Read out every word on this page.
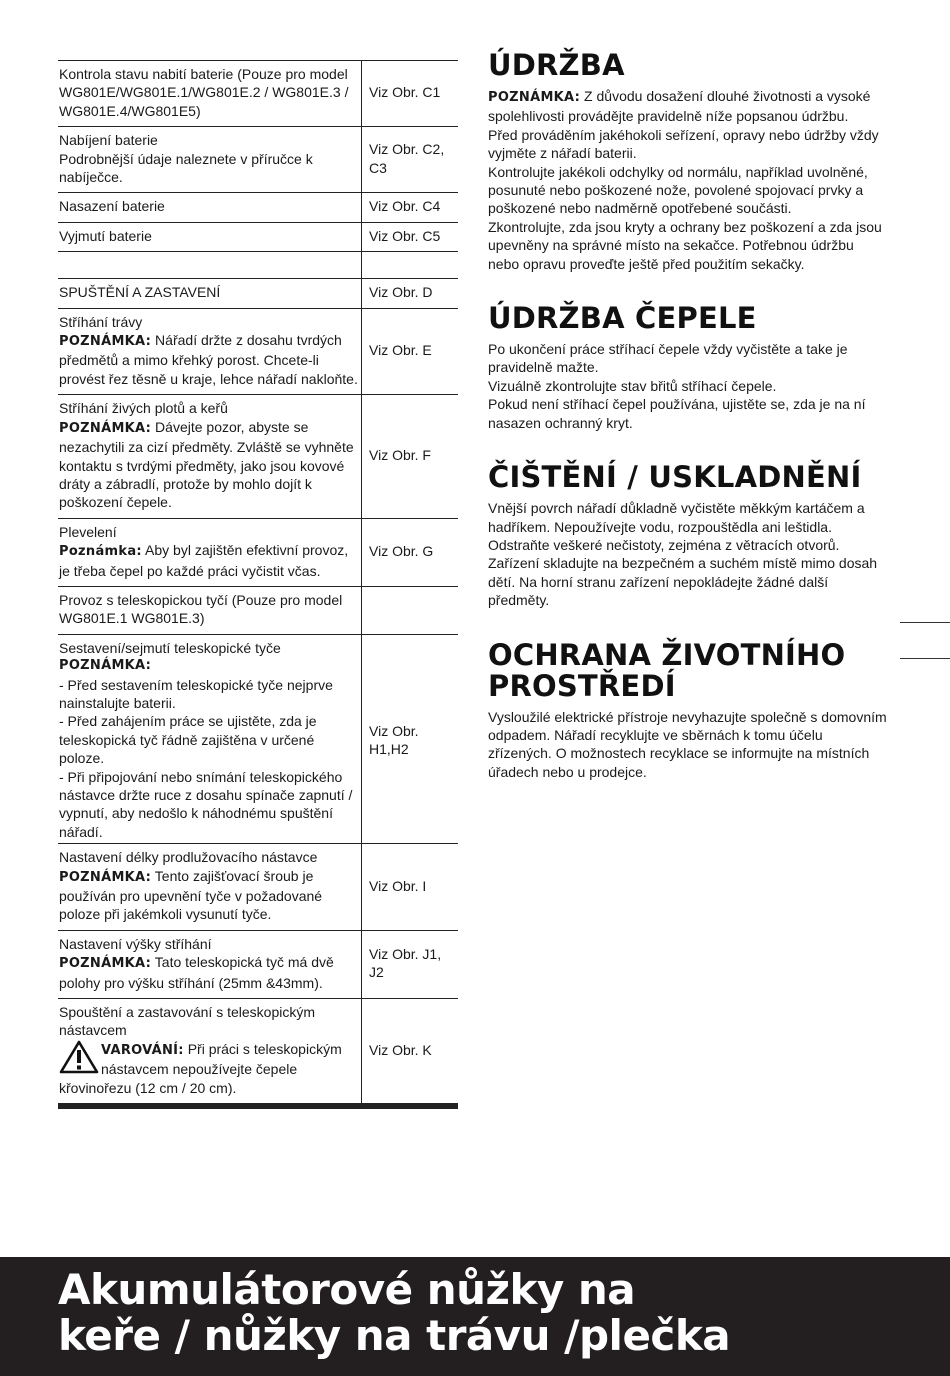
Kontrola stavu nabití baterie (Pouze pro model WG801E/WG801E.1/WG801E.2 / WG801E.3 / WG801E.4/WG801E5)	Viz Obr. C1

Nabíjení baterie
Podrobnější údaje naleznete v příručce k nabíječce.	Viz Obr. C2, C3
Nasazení baterie	Viz Obr. C4
Vyjmutí baterie	Viz Obr. C5

SPUŠTĚNÍ A ZASTAVENÍ	Viz Obr. D

Stříhání trávy
POZNÁMKA: Nářadí držte z dosahu tvrdých předmětů a mimo křehký porost. Chcete-li provést řez těsně u kraje, lehce nářadí nakloňte.	Viz Obr. E

Stříhání živých plotů a keřů
POZNÁMKA: Dávejte pozor, abyste se nezachytili za cizí předměty. Zvláště se vyhněte kontaktu s tvrdými předměty, jako jsou kovové dráty a zábradlí, protože by mohlo dojít k poškození čepele.	Viz Obr. F

Plevelení
Poznámka: Aby byl zajištěn efektivní provoz, je třeba čepel po každé práci vyčistit včas.	Viz Obr. G
Provoz s teleskopickou tyčí (Pouze pro model WG801E.1 WG801E.3)	

Sestavení/sejmutí teleskopické tyče
POZNÁMKA:
- Před sestavením teleskopické tyče nejprve nainstalujte baterii.
- Před zahájením práce se ujistěte, zda je teleskopická tyč řádně zajištěna v určené poloze.
- Při připojování nebo snímání teleskopického nástavce držte ruce z dosahu spínače zapnutí / vypnutí, aby nedošlo k náhodnému spuštění nářadí.	Viz Obr. H1,H2

Nastavení délky prodlužovacího nástavce
POZNÁMKA: Tento zajišťovací šroub je používán pro upevnění tyče v požadované poloze při jakémkoli vysunutí tyče.	Viz Obr. I

Nastavení výšky stříhání
POZNÁMKA: Tato teleskopická tyč má dvě polohy pro výšku stříhání (25mm &43mm).	Viz Obr. J1, J2

Spouštění a zastavování s teleskopickým nástavcem
VAROVÁNÍ: Při práci s teleskopickým nástavcem nepoužívejte čepele křovinořezu (12 cm / 20 cm).	Viz Obr. K
ÚDRŽBA

POZNÁMKA: Z důvodu dosažení dlouhé životnosti a vysoké spolehlivosti provádějte pravidelně níže popsanou údržbu.

Před prováděním jakéhokoli seřízení, opravy nebo údržby vždy vyjměte z nářadí baterii.

Kontrolujte jakékoli odchylky od normálu, například uvolněné, posunuté nebo poškozené nože, povolené spojovací prvky a poškozené nebo nadměrně opotřebené součásti.

Zkontrolujte, zda jsou kryty a ochrany bez poškození a zda jsou upevněny na správné místo na sekačce. Potřebnou údržbu nebo opravu proveďte ještě před použitím sekačky.

ÚDRŽBA ČEPELE

Po ukončení práce stříhací čepele vždy vyčistěte a take je pravidelně mažte.

Vizuálně zkontrolujte stav břitů stříhací čepele.

Pokud není stříhací čepel používána, ujistěte se, zda je na ní nasazen ochranný kryt.

ČIŠTĚNÍ / USKLADNĚNÍ

Vnější povrch nářadí důkladně vyčistěte měkkým kartáčem a hadříkem. Nepoužívejte vodu, rozpouštědla ani leštidla. Odstraňte veškeré nečistoty, zejména z větracích otvorů.

Zařízení skladujte na bezpečném a suchém místě mimo dosah dětí. Na horní stranu zařízení nepokládejte žádné další předměty.

OCHRANA ŽIVOTNÍHO
PROSTŘEDÍ

Vysloužilé elektrické přístroje nevyhazujte společně s domovním odpadem. Nářadí recyklujte ve sběrnách k tomu účelu zřízených. O možnostech recyklace se informujte na místních úřadech nebo u prodejce.

Akumulátorové nůžky na
keře / nůžky na trávu /plečka
